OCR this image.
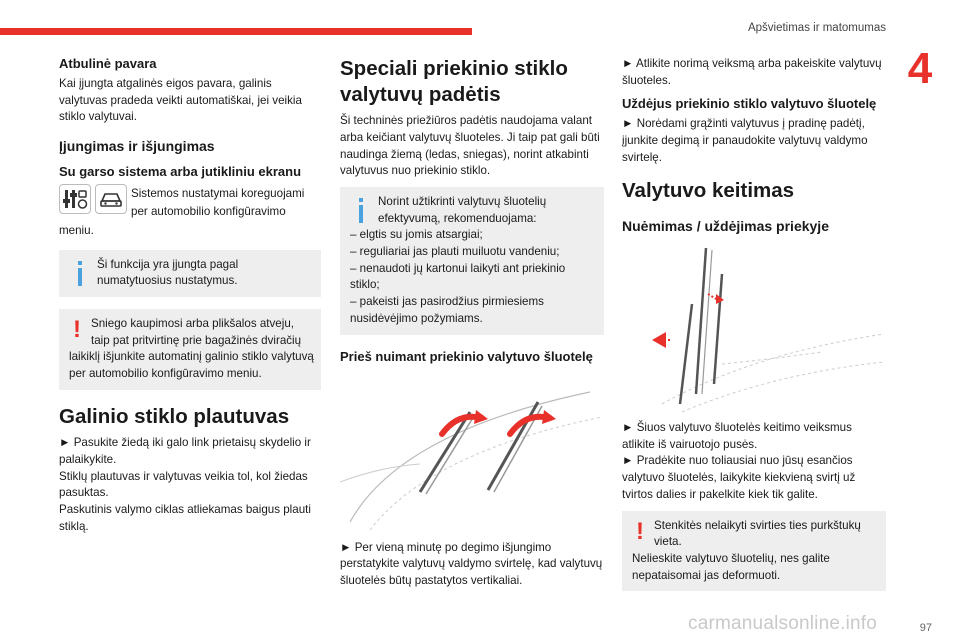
Apšvietimas ir matomumas
4
Atbulinė pavara

Kai įjungta atgalinės eigos pavara, galinis valytuvas pradeda veikti automatiškai, jei veikia stiklo valytuvai.

Įjungimas ir išjungimas
Su garso sistema arba jutikliniu ekranu
Sistemos nustatymai koreguojami per automobilio konfigūravimo meniu.
Ši funkcija yra įjungta pagal numatytuosius nustatymus.
! Sniego kaupimosi arba plikšalos atveju, taip pat pritvirtinę prie bagažinės dviračių laikiklį išjunkite automatinį galinio stiklo valytuvą per automobilio konfigūravimo meniu.
Galinio stiklo plautuvas

► Pasukite žiedą iki galo link prietaisų skydelio ir palaikykite.

Stiklų plautuvas ir valytuvas veikia tol, kol žiedas pasuktas.

Paskutinis valymo ciklas atliekamas baigus plauti stiklą.

Speciali priekinio stiklo valytuvų padėtis

Ši techninės priežiūros padėtis naudojama valant arba keičiant valytuvų šluoteles. Ji taip pat gali būti naudinga žiemą (ledas, sniegas), norint atkabinti valytuvus nuo priekinio stiklo.

Norint užtikrinti valytuvų šluotelių efektyvumą, rekomenduojama:
– elgtis su jomis atsargiai;
– reguliariai jas plauti muiluotu vandeniu;
– nenaudoti jų kartonui laikyti ant priekinio stiklo;
– pakeisti jas pasirodžius pirmiesiems nusidėvėjimo požymiams.
Prieš nuimant priekinio valytuvo šluotelę

► Per vieną minutę po degimo išjungimo perstatykite valytuvų valdymo svirtelę, kad valytuvų šluotelės būtų pastatytos vertikaliai.

► Atlikite norimą veiksmą arba pakeiskite valytuvų šluoteles.

Uždėjus priekinio stiklo valytuvo šluotelę

► Norėdami grąžinti valytuvus į pradinę padėtį, įjunkite degimą ir panaudokite valytuvų valdymo svirtelę.

Valytuvo keitimas
Nuėmimas / uždėjimas priekyje

► Šiuos valytuvo šluotelės keitimo veiksmus atlikite iš vairuotojo pusės.

► Pradėkite nuo toliausiai nuo jūsų esančios valytuvo šluotelės, laikykite kiekvieną svirtį už tvirtos dalies ir pakelkite kiek tik galite.

! Stenkitės nelaikyti svirties ties purkštukų vieta.
Nelieskite valytuvo šluotelių, nes galite nepataisomai jas deformuoti.
carmanualsonline.info	97
